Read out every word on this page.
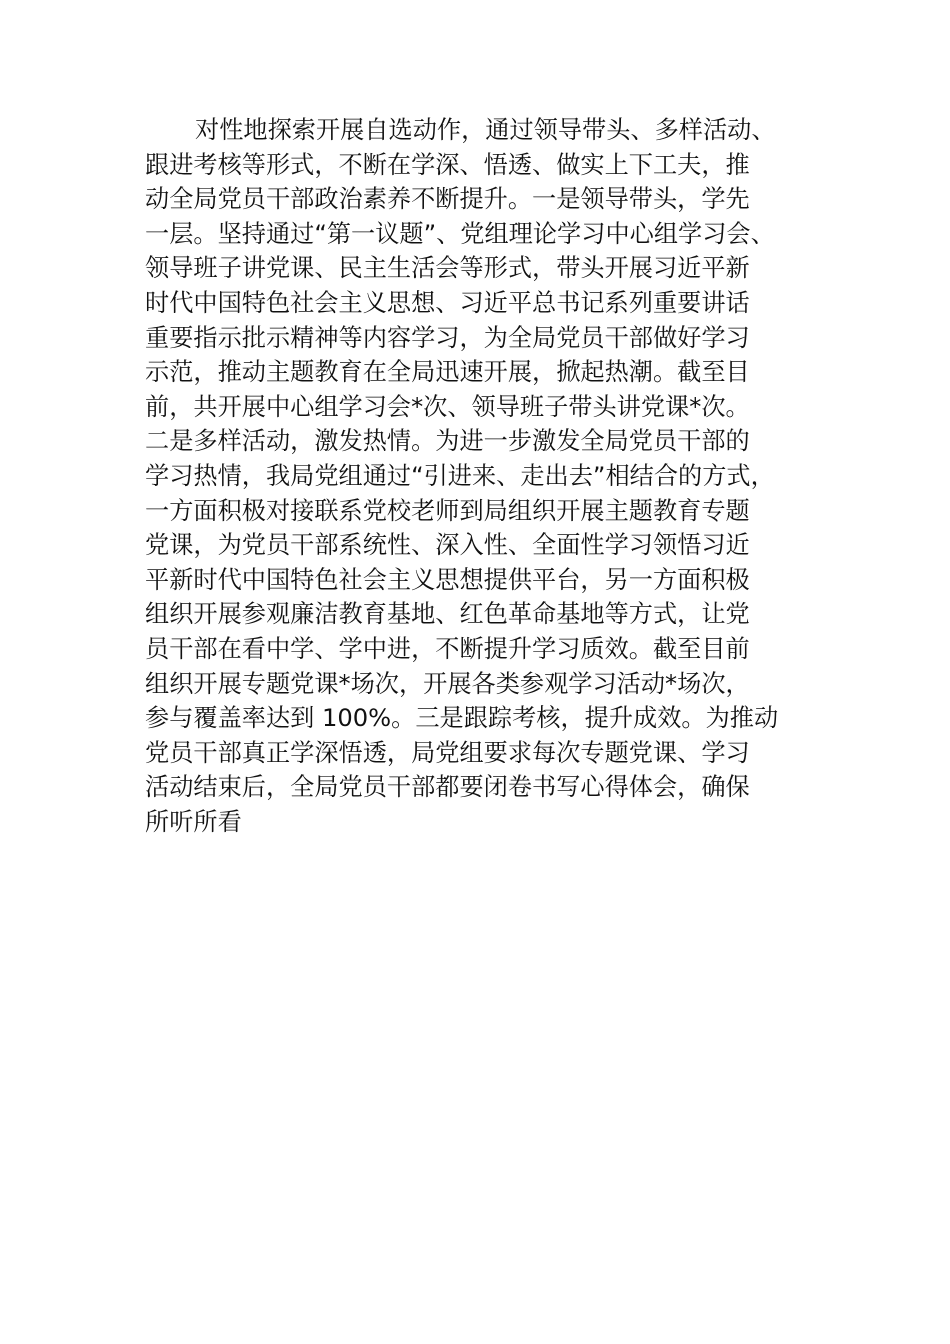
对性地探索开展自选动作，通过领导带头、多样活动、
跟进考核等形式，不断在学深、悟透、做实上下工夫，推
动全局党员干部政治素养不断提升。一是领导带头，学先
一层。坚持通过“第一议题”、党组理论学习中心组学习会、
领导班子讲党课、民主生活会等形式，带头开展习近平新
时代中国特色社会主义思想、习近平总书记系列重要讲话
重要指示批示精神等内容学习，为全局党员干部做好学习
示范，推动主题教育在全局迅速开展，掀起热潮。截至目
前，共开展中心组学习会*次、领导班子带头讲党课*次。
二是多样活动，激发热情。为进一步激发全局党员干部的
学习热情，我局党组通过“引进来、走出去”相结合的方式，
一方面积极对接联系党校老师到局组织开展主题教育专题
党课，为党员干部系统性、深入性、全面性学习领悟习近
平新时代中国特色社会主义思想提供平台，另一方面积极
组织开展参观廉洁教育基地、红色革命基地等方式，让党
员干部在看中学、学中进，不断提升学习质效。截至目前
组织开展专题党课*场次，开展各类参观学习活动*场次，
参与覆盖率达到 100%。三是跟踪考核，提升成效。为推动
党员干部真正学深悟透，局党组要求每次专题党课、学习
活动结束后，全局党员干部都要闭卷书写心得体会，确保
所听所看
